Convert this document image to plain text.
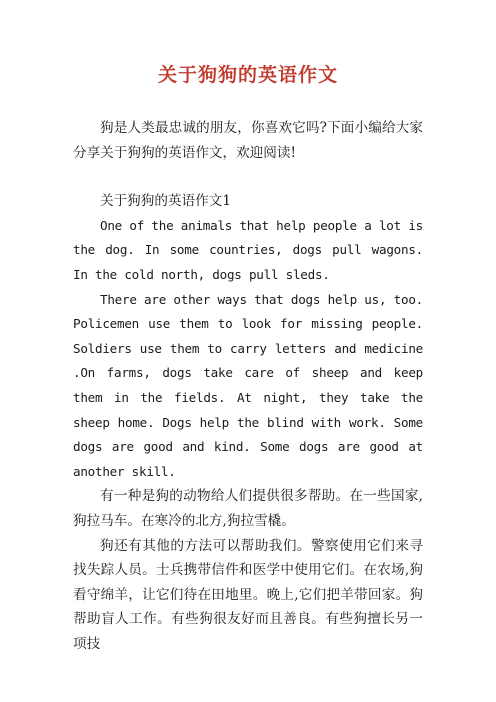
关于狗狗的英语作文

狗是人类最忠诚的朋友，你喜欢它吗?下面小编给大家分享关于狗狗的英语作文，欢迎阅读!

关于狗狗的英语作文1

One of the animals that help people a lot is the dog. In some countries, dogs pull wagons. In the cold north, dogs pull sleds.

There are other ways that dogs help us, too. Policemen use them to look for missing people. Soldiers use them to carry letters and medicine .On farms, dogs take care of sheep and keep them in the fields. At night, they take the sheep home. Dogs help the blind with work. Some dogs are good and kind. Some dogs are good at another skill.

有一种是狗的动物给人们提供很多帮助。在一些国家,狗拉马车。在寒冷的北方,狗拉雪橇。

狗还有其他的方法可以帮助我们。警察使用它们来寻找失踪人员。士兵携带信件和医学中使用它们。在农场,狗看守绵羊，让它们待在田地里。晚上,它们把羊带回家。狗帮助盲人工作。有些狗很友好而且善良。有些狗擅长另一项技
